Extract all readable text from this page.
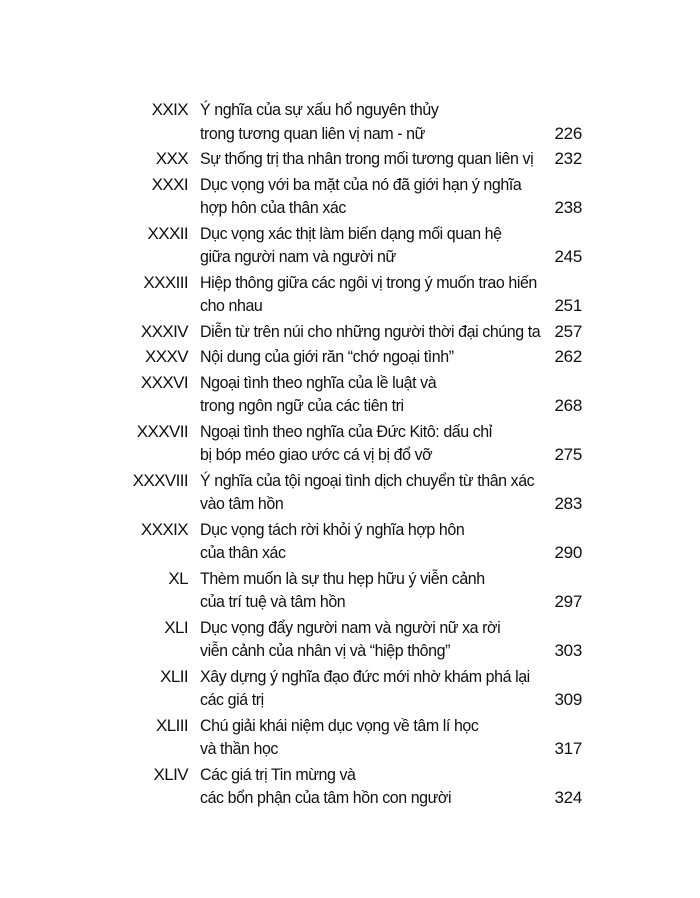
XXIX Ý nghĩa của sự xấu hổ nguyên thủy
trong tương quan liên vị nam - nữ	226
XXX Sự thống trị tha nhân trong mối tương quan liên vị 232
XXXI Dục vọng với ba mặt của nó đã giới hạn ý nghĩa
hợp hôn của thân xác	238
XXXII Dục vọng xác thịt làm biến dạng mối quan hệ
giữa người nam và người nữ	245
XXXIII Hiệp thông giữa các ngôi vị trong ý muốn trao hiến
cho nhau	251
XXXIV Diễn từ trên núi cho những người thời đại chúng ta 257
XXXV Nội dung của giới răn “chớ ngoại tình”	262
XXXVI Ngoại tình theo nghĩa của lề luật và
trong ngôn ngữ của các tiên tri	268
XXXVII Ngoại tình theo nghĩa của Đức Kitô: dấu chỉ
bị bóp méo giao ước cá vị bị đổ vỡ	275
XXXVIII Ý nghĩa của tội ngoại tình dịch chuyển từ thân xác
vào tâm hồn	283
XXXIX Dục vọng tách rời khỏi ý nghĩa hợp hôn
của thân xác	290
XL Thèm muốn là sự thu hẹp hữu ý viễn cảnh
của trí tuệ và tâm hồn	297
XLI Dục vọng đẩy người nam và người nữ xa rời
viễn cảnh của nhân vị và “hiệp thông”	303
XLII Xây dựng ý nghĩa đạo đức mới nhờ khám phá lại
các giá trị	309
XLIII Chú giải khái niệm dục vọng về tâm lí học
và thần học	317
XLIV Các giá trị Tin mừng và
các bổn phận của tâm hồn con người	324
